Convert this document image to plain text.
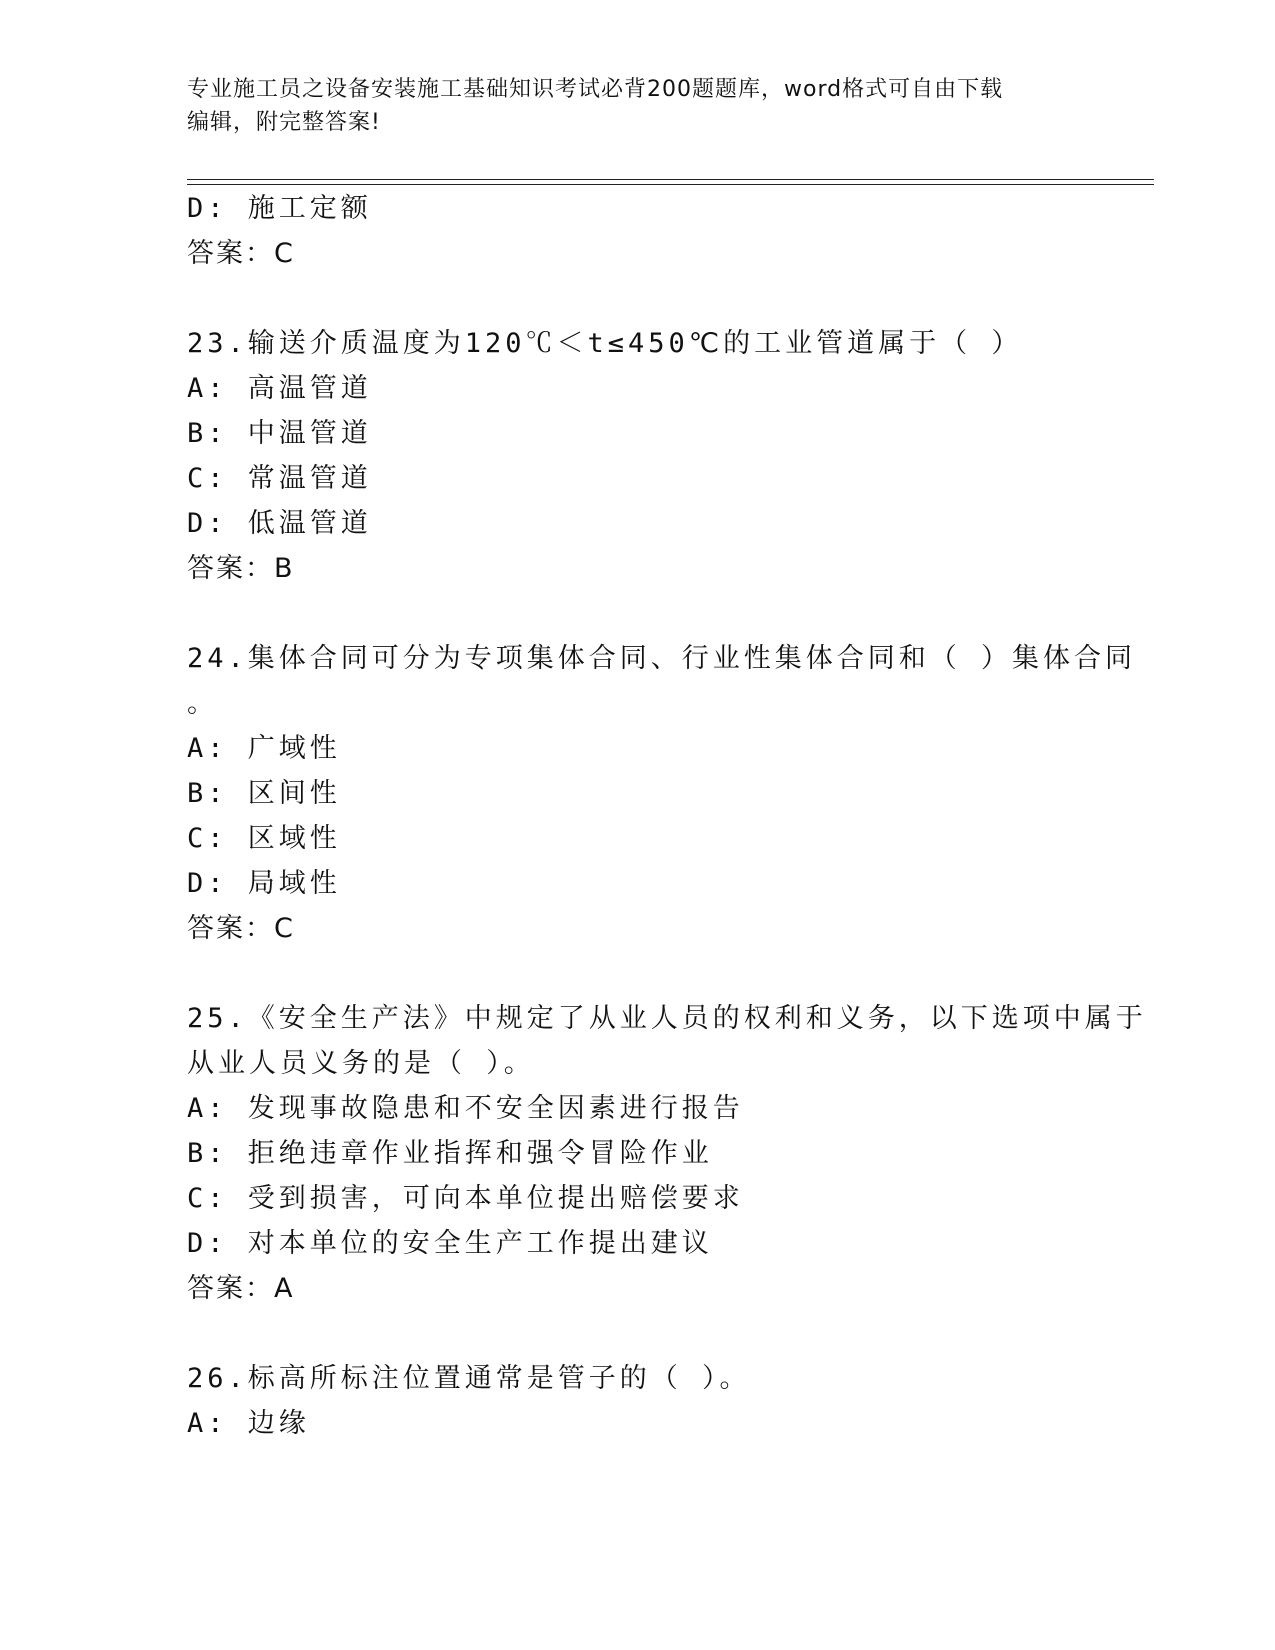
专业施工员之设备安装施工基础知识考试必背200题题库，word格式可自由下载
编辑，附完整答案!
D: 施工定额
答案：C
23.输送介质温度为120℃＜t≤450℃的工业管道属于（ ）
A: 高温管道
B: 中温管道
C: 常温管道
D: 低温管道
答案：B
24.集体合同可分为专项集体合同、行业性集体合同和（ ）集体合同
。
A: 广域性
B: 区间性
C: 区域性
D: 局域性
答案：C
25.《安全生产法》中规定了从业人员的权利和义务，以下选项中属于
从业人员义务的是（ ）。
A: 发现事故隐患和不安全因素进行报告
B: 拒绝违章作业指挥和强令冒险作业
C: 受到损害，可向本单位提出赔偿要求
D: 对本单位的安全生产工作提出建议
答案：A
26.标高所标注位置通常是管子的（ ）。
A: 边缘
